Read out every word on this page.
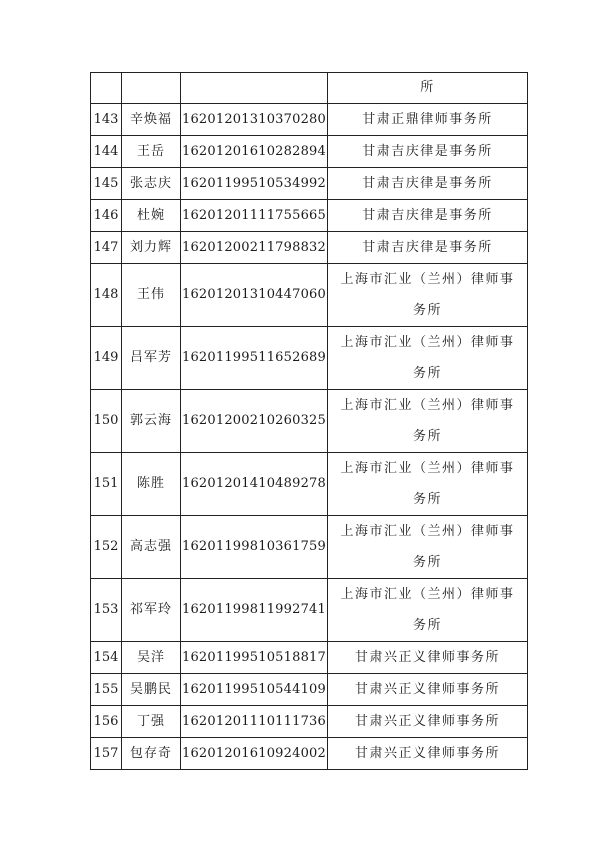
			所
143	辛焕福	16201201310370280	甘肃正鼎律师事务所
144	王岳	16201201610282894	甘肃吉庆律是事务所
145	张志庆	16201199510534992	甘肃吉庆律是事务所
146	杜婉	16201201111755665	甘肃吉庆律是事务所
147	刘力辉	16201200211798832	甘肃吉庆律是事务所
148	王伟	16201201310447060	上海市汇业（兰州）律师事务所
149	吕军芳	16201199511652689	上海市汇业（兰州）律师事务所
150	郭云海	16201200210260325	上海市汇业（兰州）律师事务所
151	陈胜	16201201410489278	上海市汇业（兰州）律师事务所
152	高志强	16201199810361759	上海市汇业（兰州）律师事务所
153	祁军玲	16201199811992741	上海市汇业（兰州）律师事务所
154	吴洋	16201199510518817	甘肃兴正义律师事务所
155	吴鹏民	16201199510544109	甘肃兴正义律师事务所
156	丁强	16201201110111736	甘肃兴正义律师事务所
157	包存奇	16201201610924002	甘肃兴正义律师事务所
